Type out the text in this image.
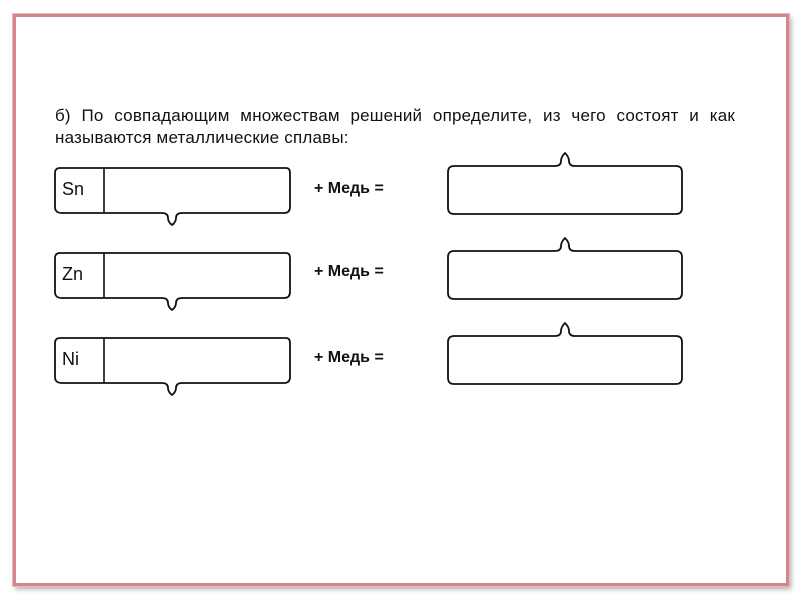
б) По совпадающим множествам решений определите, из чего состоят и как называются металлические сплавы:
Sn	+ Медь =
Zn	+ Медь =
Ni	+ Медь =
